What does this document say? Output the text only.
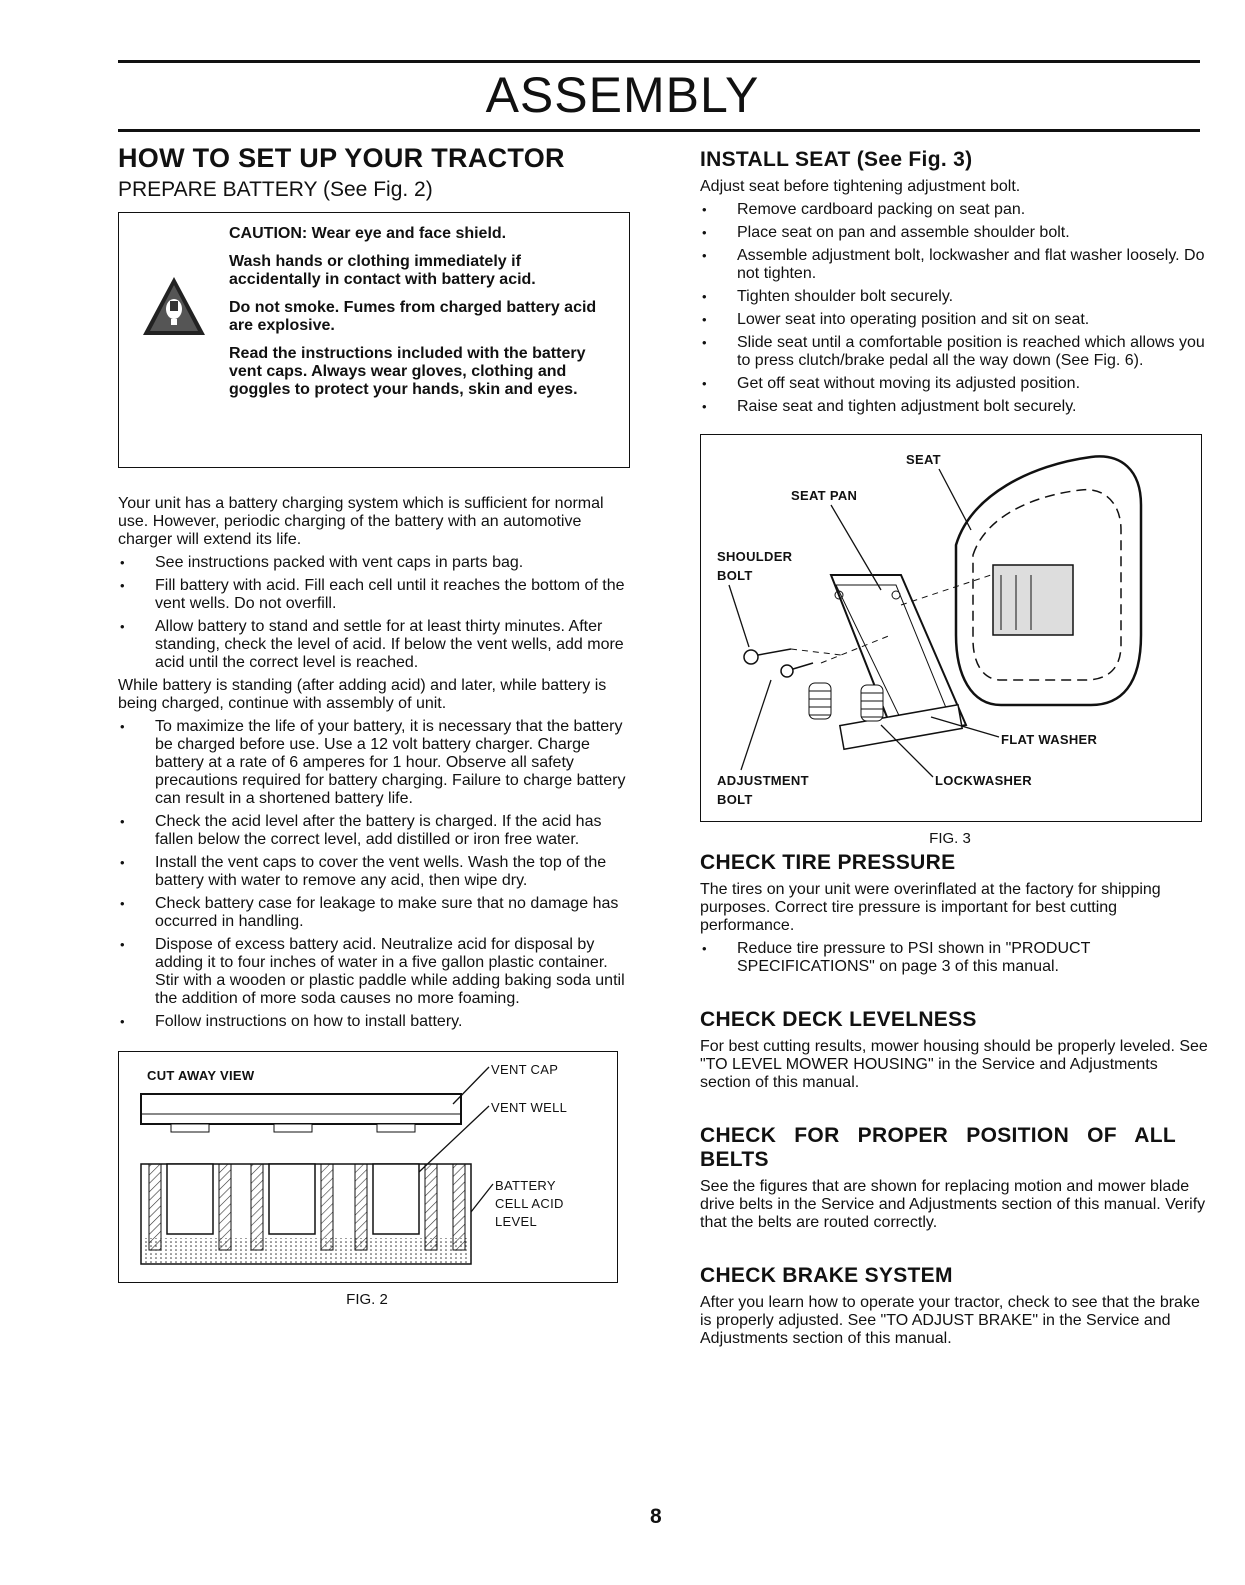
ASSEMBLY
HOW TO SET UP YOUR TRACTOR
PREPARE BATTERY (See Fig. 2)

CAUTION: Wear eye and face shield.

Wash hands or clothing immediately if accidentally in contact with battery acid.

Do not smoke. Fumes from charged battery acid are explosive.

Read the instructions included with the battery vent caps. Always wear gloves, clothing and goggles to protect your hands, skin and eyes.

Your unit has a battery charging system which is sufficient for normal use. However, periodic charging of the battery with an automotive charger will extend its life.

• See instructions packed with vent caps in parts bag.
• Fill battery with acid. Fill each cell until it reaches the bottom of the vent wells. Do not overfill.
• Allow battery to stand and settle for at least thirty minutes. After standing, check the level of acid. If below the vent wells, add more acid until the correct level is reached.

While battery is standing (after adding acid) and later, while battery is being charged, continue with assembly of unit.

• To maximize the life of your battery, it is necessary that the battery be charged before use. Use a 12 volt battery charger. Charge battery at a rate of 6 amperes for 1 hour. Observe all safety precautions required for battery charging. Failure to charge battery can result in a shortened battery life.
• Check the acid level after the battery is charged. If the acid has fallen below the correct level, add distilled or iron free water.
• Install the vent caps to cover the vent wells. Wash the top of the battery with water to remove any acid, then wipe dry.
• Check battery case for leakage to make sure that no damage has occurred in handling.
• Dispose of excess battery acid. Neutralize acid for disposal by adding it to four inches of water in a five gallon plastic container. Stir with a wooden or plastic paddle while adding baking soda until the addition of more soda causes no more foaming.
• Follow instructions on how to install battery.
CUT AWAY VIEW	VENT CAP
VENT WELL
BATTERY
CELL ACID
LEVEL
FIG. 2
INSTALL SEAT (See Fig. 3)

Adjust seat before tightening adjustment bolt.

• Remove cardboard packing on seat pan.
• Place seat on pan and assemble shoulder bolt.
• Assemble adjustment bolt, lockwasher and flat washer loosely. Do not tighten.
• Tighten shoulder bolt securely.
• Lower seat into operating position and sit on seat.
• Slide seat until a comfortable position is reached which allows you to press clutch/brake pedal all the way down (See Fig. 6).
• Get off seat without moving its adjusted position.
• Raise seat and tighten adjustment bolt securely.
SEAT
SEAT PAN
SHOULDER
BOLT
FLAT WASHER
ADJUSTMENT
BOLT
LOCKWASHER
FIG. 3
CHECK TIRE PRESSURE

The tires on your unit were overinflated at the factory for shipping purposes. Correct tire pressure is important for best cutting performance.

• Reduce tire pressure to PSI shown in "PRODUCT SPECIFICATIONS" on page 3 of this manual.
CHECK DECK LEVELNESS

For best cutting results, mower housing should be properly leveled. See "TO LEVEL MOWER HOUSING" in the Service and Adjustments section of this manual.

CHECK FOR PROPER POSITION OF ALL BELTS

See the figures that are shown for replacing motion and mower blade drive belts in the Service and Adjustments section of this manual. Verify that the belts are routed correctly.

CHECK BRAKE SYSTEM

After you learn how to operate your tractor, check to see that the brake is properly adjusted. See "TO ADJUST BRAKE" in the Service and Adjustments section of this manual.

8
